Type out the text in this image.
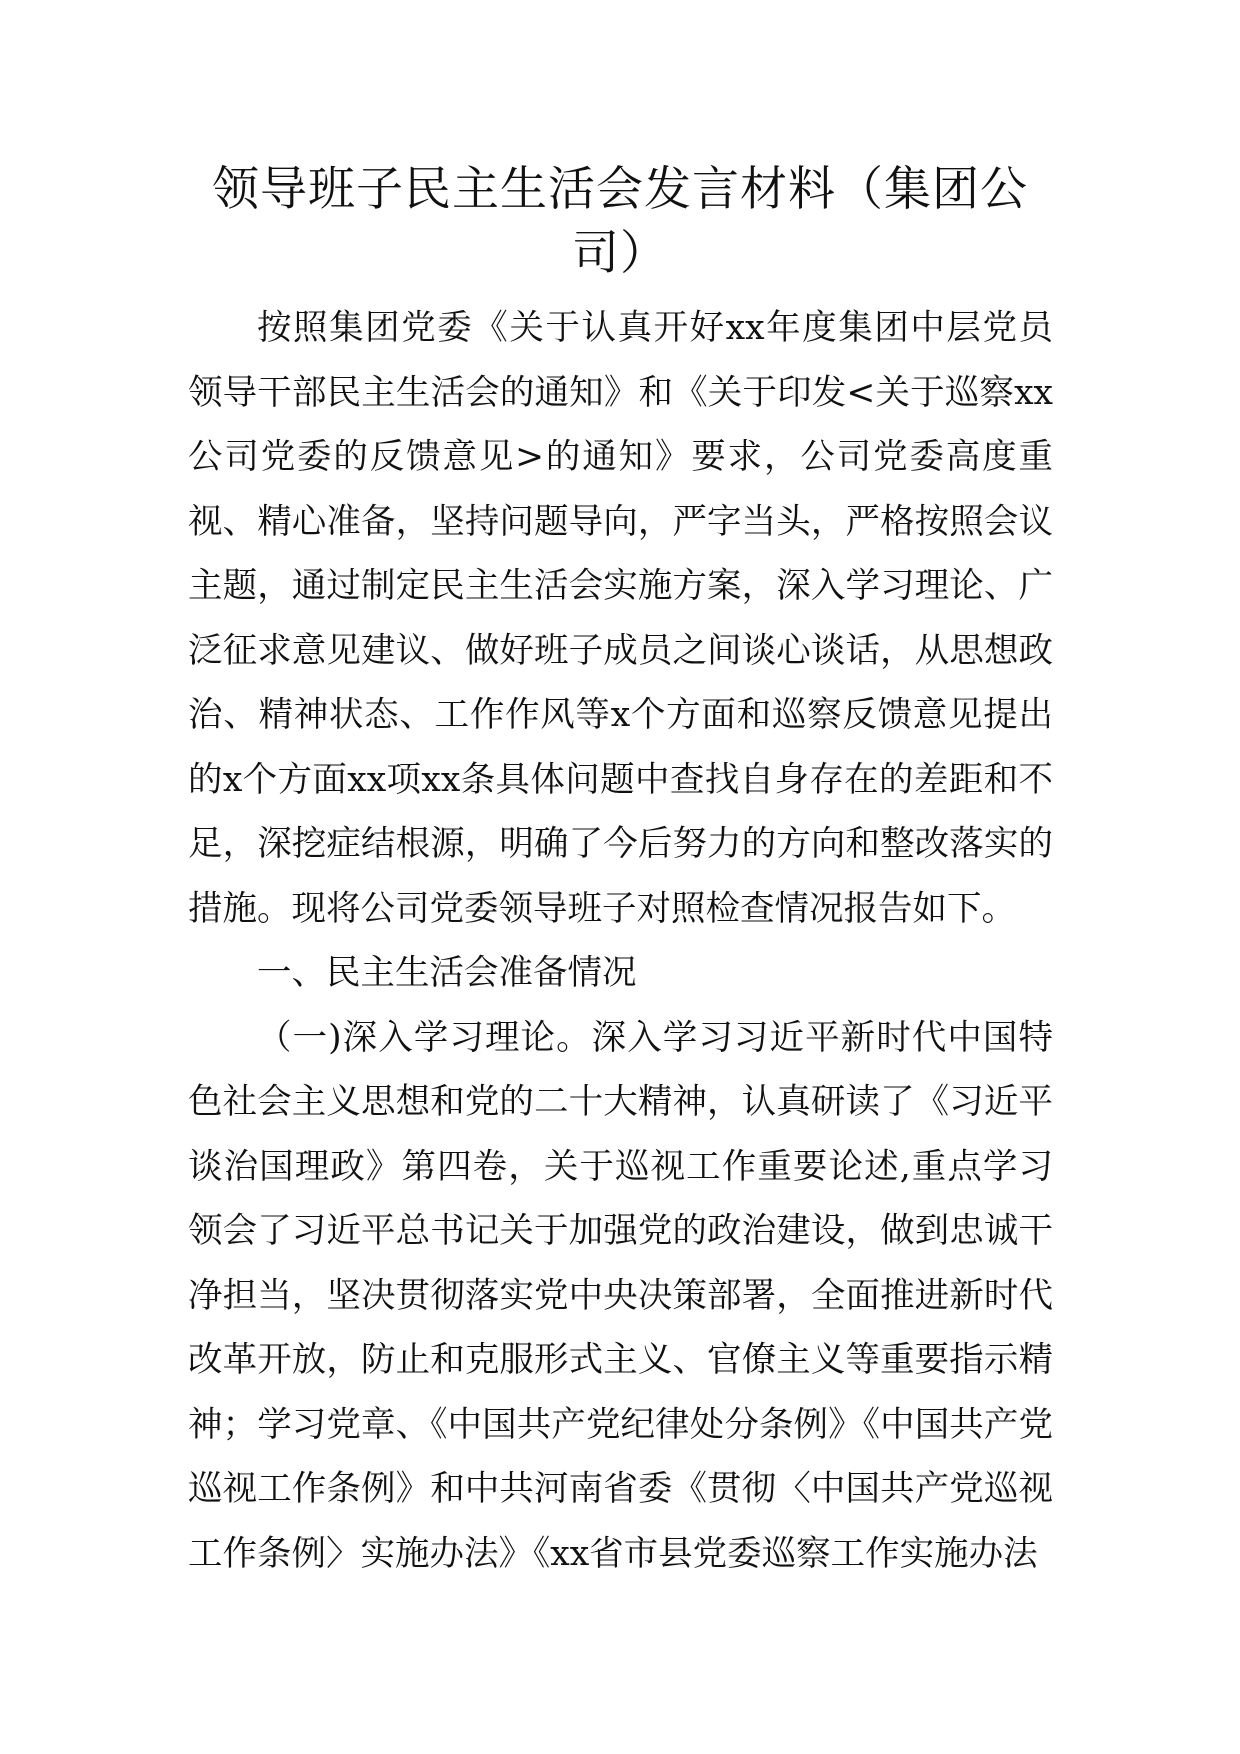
领导班子民主生活会发言材料（集团公司）

按照集团党委《关于认真开好xx年度集团中层党员领导干部民主生活会的通知》和《关于印发<关于巡察xx公司党委的反馈意见>的通知》要求，公司党委高度重视、精心准备，坚持问题导向，严字当头，严格按照会议主题，通过制定民主生活会实施方案，深入学习理论、广泛征求意见建议、做好班子成员之间谈心谈话，从思想政治、精神状态、工作作风等x个方面和巡察反馈意见提出的x个方面xx项xx条具体问题中查找自身存在的差距和不足，深挖症结根源，明确了今后努力的方向和整改落实的措施。现将公司党委领导班子对照检查情况报告如下。

一、民主生活会准备情况

（一)深入学习理论。深入学习习近平新时代中国特色社会主义思想和党的二十大精神，认真研读了《习近平谈治国理政》第四卷，关于巡视工作重要论述,重点学习领会了习近平总书记关于加强党的政治建设，做到忠诚干净担当，坚决贯彻落实党中央决策部署，全面推进新时代改革开放，防止和克服形式主义、官僚主义等重要指示精神；学习党章、《中国共产党纪律处分条例》《中国共产党巡视工作条例》和中共河南省委《贯彻〈中国共产党巡视工作条例〉实施办法》《xx省市县党委巡察工作实施办法
